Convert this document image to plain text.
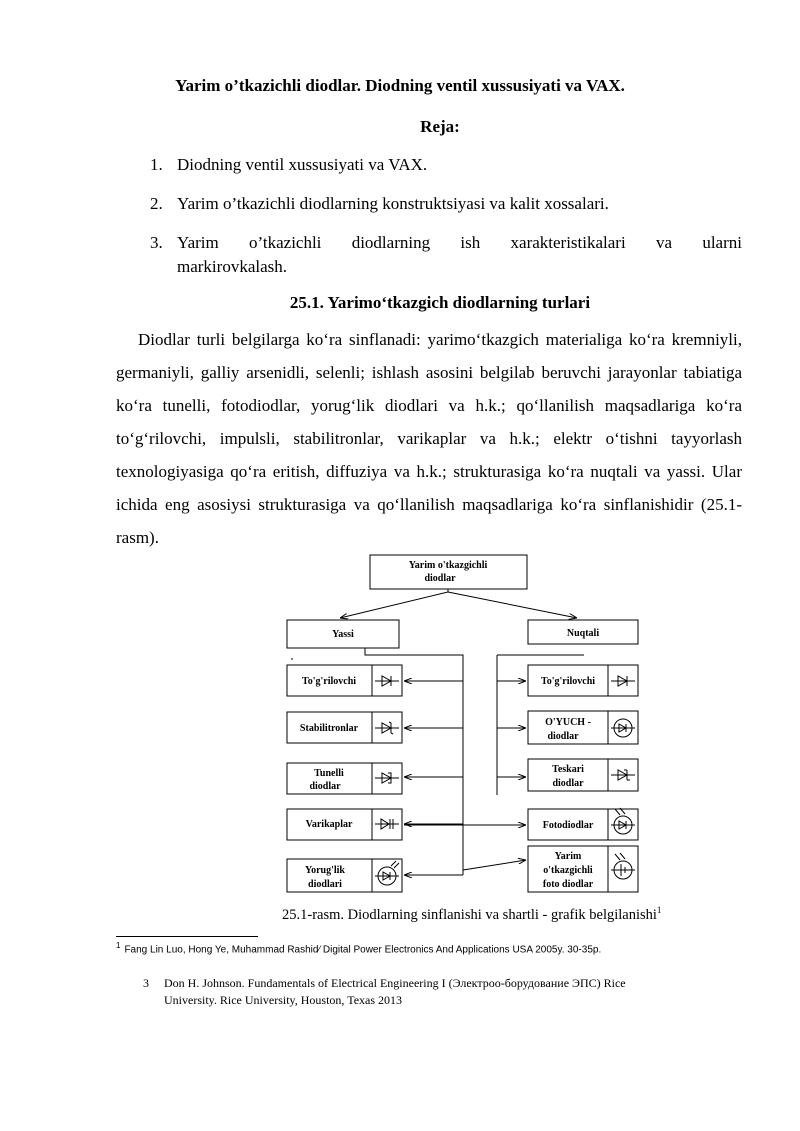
Yarim o’tkazichli diodlar. Diodning ventil xussusiyati va VAX.
Reja:
1. Diodning ventil xussusiyati va VAX.
2. Yarim o’tkazichli diodlarning konstruktsiyasi va kalit xossalari.
3. Yarim o’tkazichli diodlarning ish xarakteristikalari va ularni
markirovkalash.
25.1. Yarimo‘tkazgich diodlarning turlari
Diodlar turli belgilarga ko‘ra sinflanadi: yarimo‘tkazgich materialiga ko‘ra kremniyli, germaniyli, galliy arsenidli, selenli; ishlash asosini belgilab beruvchi jarayonlar tabiatiga ko‘ra tunelli, fotodiodlar, yorug‘lik diodlari va h.k.; qo‘llanilish maqsadlariga ko‘ra to‘g‘rilovchi, impulsli, stabilitronlar, varikaplar va h.k.; elektr o‘tishni tayyorlash texnologiyasiga qo‘ra eritish, diffuziya va h.k.; strukturasiga ko‘ra nuqtali va yassi. Ular ichida eng asosiysi strukturasiga va qo‘llanilish maqsadlariga ko‘ra sinflanishidir (25.1-rasm).
Yarim o'tkazgichli
diodlar
Yassi	Nuqtali
To'g'rilovchi
Stabilitronlar
Tunelli
diodlar
Varikaplar
Yorug'lik
diodlari
To'g'rilovchi
O'YUCH -
diodlar
Teskari
diodlar
Fotodiodlar
Yarim
o'tkazgichli
foto diodlar
25.1-rasm. Diodlarning sinflanishi va shartli - grafik belgilanishi$^1$
$^1$ Fang Lin Luo, Hong Ye, Muhammad Rashid⁄ Digital Power Electronics And Applications USA 2005y. 30-35p.
3 Don H. Johnson. Fundamentals of Electrical Engineering I (Электроо-борудование ЭПС) Rice
University. Rice University, Houston, Texas 2013
